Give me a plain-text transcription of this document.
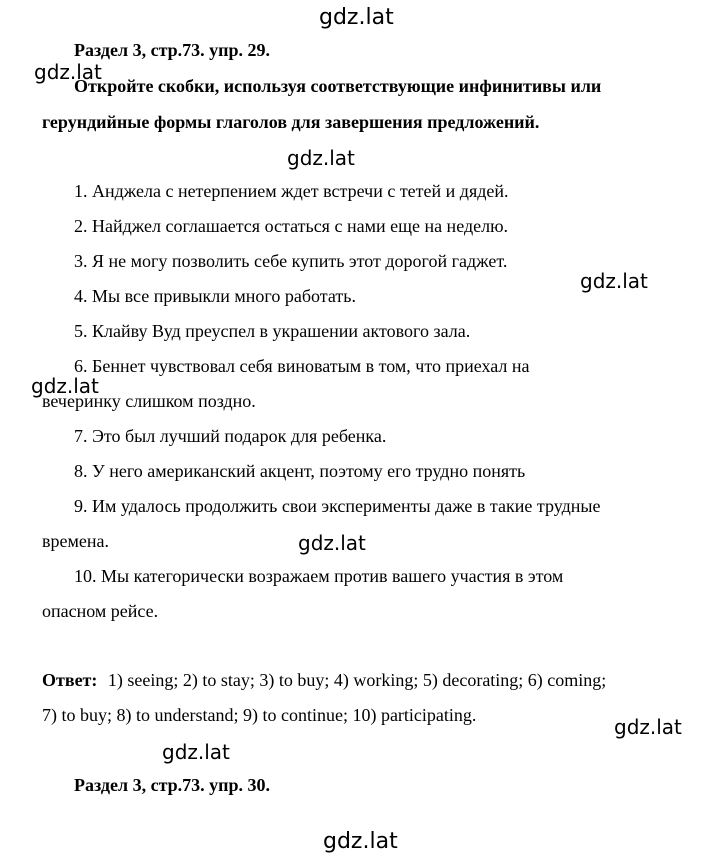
gdz.lat
gdz.lat
gdz.lat
gdz.lat
gdz.lat
gdz.lat
gdz.lat
gdz.lat
gdz.lat
Раздел 3, стр.73. упр. 29.
Откройте скобки, используя соответствующие инфинитивы или
герундийные формы глаголов для завершения предложений.
1. Анджела с нетерпением ждет встречи с тетей и дядей.
2. Найджел соглашается остаться с нами еще на неделю.
3. Я не могу позволить себе купить этот дорогой гаджет.
4. Мы все привыкли много работать.
5. Клайву Вуд преуспел в украшении актового зала.
6. Беннет чувствовал себя виноватым в том, что приехал на
вечеринку слишком поздно.
7. Это был лучший подарок для ребенка.
8. У него американский акцент, поэтому его трудно понять
9. Им удалось продолжить свои эксперименты даже в такие трудные
времена.
10. Мы категорически возражаем против вашего участия в этом
опасном рейсе.
Ответ: 1) seeing; 2) to stay; 3) to buy; 4) working; 5) decorating; 6) coming;
7) to buy; 8) to understand; 9) to continue; 10) participating.
Раздел 3, стр.73. упр. 30.
